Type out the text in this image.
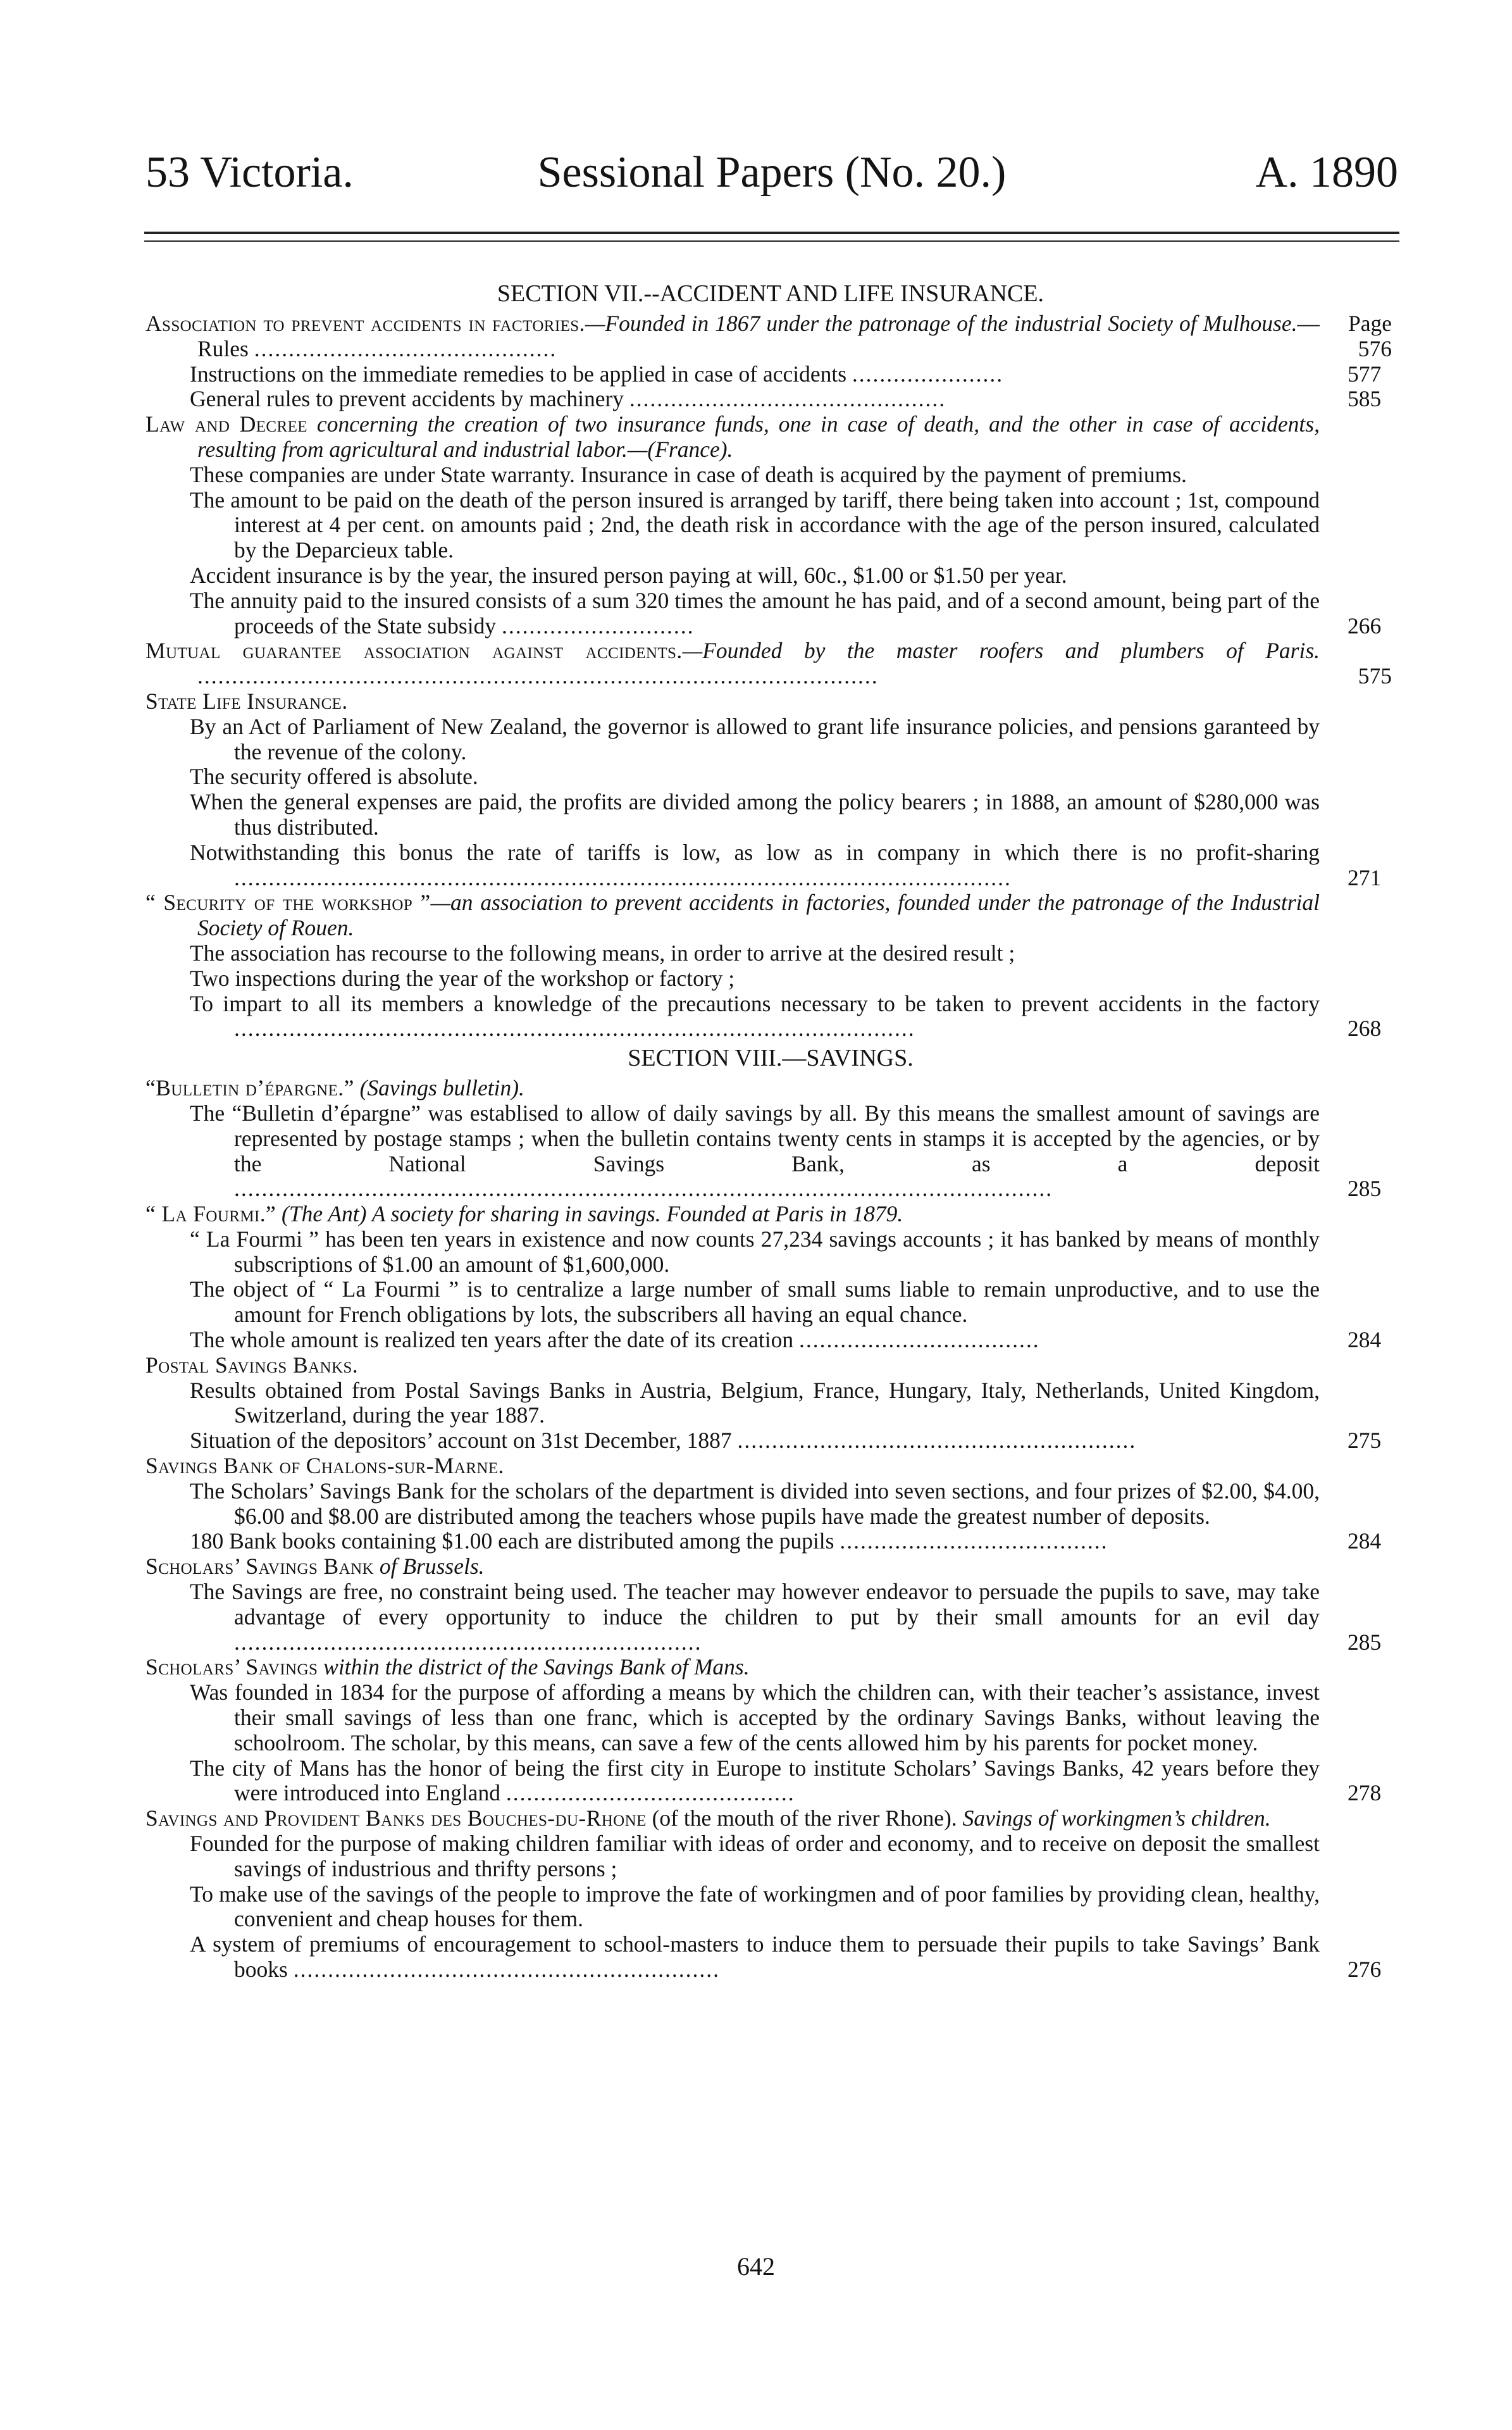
53 Victoria.	Sessional Papers (No. 20.)	A. 1890
SECTION VII.--ACCIDENT AND LIFE INSURANCE.
Page
Association to prevent accidents in factories.—Founded in 1867 under the patronage of the industrial Society of Mulhouse.—Rules ............................................	576
Instructions on the immediate remedies to be applied in case of accidents ......................	577
General rules to prevent accidents by machinery ..............................................	585
Law and Decree concerning the creation of two insurance funds, one in case of death, and the other in case of accidents, resulting from agricultural and industrial labor.—(France).
These companies are under State warranty. Insurance in case of death is acquired by the payment of premiums.
The amount to be paid on the death of the person insured is arranged by tariff, there being taken into account ; 1st, compound interest at 4 per cent. on amounts paid ; 2nd, the death risk in accordance with the age of the person insured, calculated by the Deparcieux table.
Accident insurance is by the year, the insured person paying at will, 60c., $1.00 or $1.50 per year.
The annuity paid to the insured consists of a sum 320 times the amount he has paid, and of a second amount, being part of the proceeds of the State subsidy ............................	266
Mutual guarantee association against accidents.—Founded by the master roofers and plumbers of Paris. ...................................................................................................	575
State Life Insurance.
By an Act of Parliament of New Zealand, the governor is allowed to grant life insurance policies, and pensions garanteed by the revenue of the colony.
The security offered is absolute.
When the general expenses are paid, the profits are divided among the policy bearers ; in 1888, an amount of $280,000 was thus distributed.
Notwithstanding this bonus the rate of tariffs is low, as low as in company in which there is no profit-sharing .................................................................................................................	271
“ Security of the workshop ”—an association to prevent accidents in factories, founded under the patronage of the Industrial Society of Rouen.
The association has recourse to the following means, in order to arrive at the desired result ;
Two inspections during the year of the workshop or factory ;
To impart to all its members a knowledge of the precautions necessary to be taken to prevent accidents in the factory ...................................................................................................	268
SECTION VIII.—SAVINGS.
“Bulletin d’épargne.” (Savings bulletin).
The “Bulletin d’épargne” was establised to allow of daily savings by all. By this means the smallest amount of savings are represented by postage stamps ; when the bulletin contains twenty cents in stamps it is accepted by the agencies, or by the National Savings Bank, as a deposit .......................................................................................................................	285
“ La Fourmi.” (The Ant) A society for sharing in savings. Founded at Paris in 1879.
“ La Fourmi ” has been ten years in existence and now counts 27,234 savings accounts ; it has banked by means of monthly subscriptions of $1.00 an amount of $1,600,000.
The object of “ La Fourmi ” is to centralize a large number of small sums liable to remain unproductive, and to use the amount for French obligations by lots, the subscribers all having an equal chance.
The whole amount is realized ten years after the date of its creation ...................................	284
Postal Savings Banks.
Results obtained from Postal Savings Banks in Austria, Belgium, France, Hungary, Italy, Netherlands, United Kingdom, Switzerland, during the year 1887.
Situation of the depositors’ account on 31st December, 1887 ..........................................................	275
Savings Bank of Chalons-sur-Marne.
The Scholars’ Savings Bank for the scholars of the department is divided into seven sections, and four prizes of $2.00, $4.00, $6.00 and $8.00 are distributed among the teachers whose pupils have made the greatest number of deposits.
180 Bank books containing $1.00 each are distributed among the pupils .......................................	284
Scholars’ Savings Bank of Brussels.
The Savings are free, no constraint being used. The teacher may however endeavor to persuade the pupils to save, may take advantage of every opportunity to induce the children to put by their small amounts for an evil day ....................................................................	285
Scholars’ Savings within the district of the Savings Bank of Mans.
Was founded in 1834 for the purpose of affording a means by which the children can, with their teacher’s assistance, invest their small savings of less than one franc, which is accepted by the ordinary Savings Banks, without leaving the schoolroom. The scholar, by this means, can save a few of the cents allowed him by his parents for pocket money.
The city of Mans has the honor of being the first city in Europe to institute Scholars’ Savings Banks, 42 years before they were introduced into England ..........................................	278
Savings and Provident Banks des Bouches-du-Rhone (of the mouth of the river Rhone). Savings of workingmen’s children.
Founded for the purpose of making children familiar with ideas of order and economy, and to receive on deposit the smallest savings of industrious and thrifty persons ;
To make use of the savings of the people to improve the fate of workingmen and of poor families by providing clean, healthy, convenient and cheap houses for them.
A system of premiums of encouragement to school-masters to induce them to persuade their pupils to take Savings’ Bank books ..............................................................	276
642
